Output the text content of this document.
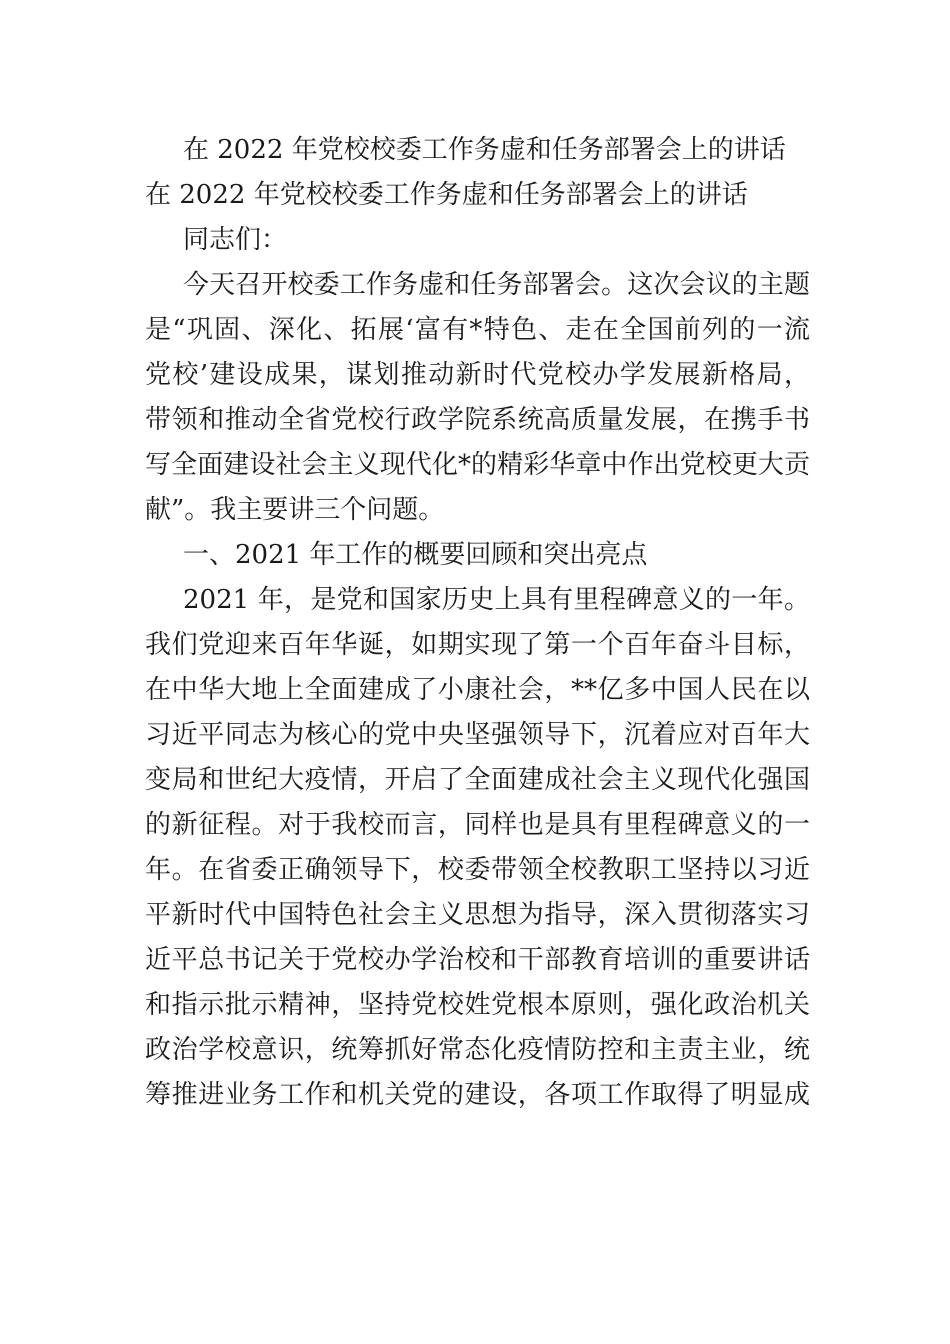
在 2022 年党校校委工作务虚和任务部署会上的讲话
在 2022 年党校校委工作务虚和任务部署会上的讲话
同志们：
今天召开校委工作务虚和任务部署会。这次会议的主题
是“巩固、深化、拓展‘富有*特色、走在全国前列的一流
党校’建设成果，谋划推动新时代党校办学发展新格局，
带领和推动全省党校行政学院系统高质量发展，在携手书
写全面建设社会主义现代化*的精彩华章中作出党校更大贡
献”。我主要讲三个问题。
一、2021 年工作的概要回顾和突出亮点
2021 年，是党和国家历史上具有里程碑意义的一年。
我们党迎来百年华诞，如期实现了第一个百年奋斗目标，
在中华大地上全面建成了小康社会，**亿多中国人民在以
习近平同志为核心的党中央坚强领导下，沉着应对百年大
变局和世纪大疫情，开启了全面建成社会主义现代化强国
的新征程。对于我校而言，同样也是具有里程碑意义的一
年。在省委正确领导下，校委带领全校教职工坚持以习近
平新时代中国特色社会主义思想为指导，深入贯彻落实习
近平总书记关于党校办学治校和干部教育培训的重要讲话
和指示批示精神，坚持党校姓党根本原则，强化政治机关
政治学校意识，统筹抓好常态化疫情防控和主责主业，统
筹推进业务工作和机关党的建设，各项工作取得了明显成
